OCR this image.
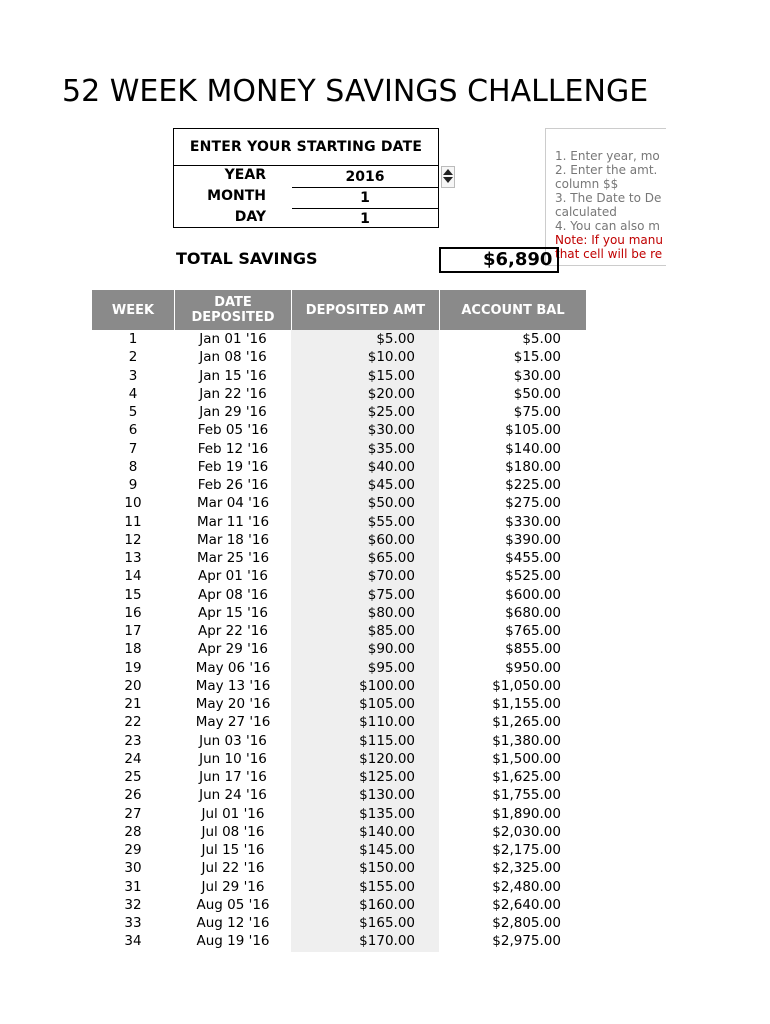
52 WEEK MONEY SAVINGS CHALLENGE
ENTER YOUR STARTING DATE
YEAR	2016
MONTH	1
DAY	1
1. Enter year, mo
2. Enter the amt.
column $$
3. The Date to De
calculated
4. You can also m
Note: If you manu
that cell will be re
TOTAL SAVINGS	$6,890
WEEK	DATE DEPOSITED	DEPOSITED AMT	ACCOUNT BAL
1	Jan 01 '16	$5.00	$5.00
2	Jan 08 '16	$10.00	$15.00
3	Jan 15 '16	$15.00	$30.00
4	Jan 22 '16	$20.00	$50.00
5	Jan 29 '16	$25.00	$75.00
6	Feb 05 '16	$30.00	$105.00
7	Feb 12 '16	$35.00	$140.00
8	Feb 19 '16	$40.00	$180.00
9	Feb 26 '16	$45.00	$225.00
10	Mar 04 '16	$50.00	$275.00
11	Mar 11 '16	$55.00	$330.00
12	Mar 18 '16	$60.00	$390.00
13	Mar 25 '16	$65.00	$455.00
14	Apr 01 '16	$70.00	$525.00
15	Apr 08 '16	$75.00	$600.00
16	Apr 15 '16	$80.00	$680.00
17	Apr 22 '16	$85.00	$765.00
18	Apr 29 '16	$90.00	$855.00
19	May 06 '16	$95.00	$950.00
20	May 13 '16	$100.00	$1,050.00
21	May 20 '16	$105.00	$1,155.00
22	May 27 '16	$110.00	$1,265.00
23	Jun 03 '16	$115.00	$1,380.00
24	Jun 10 '16	$120.00	$1,500.00
25	Jun 17 '16	$125.00	$1,625.00
26	Jun 24 '16	$130.00	$1,755.00
27	Jul 01 '16	$135.00	$1,890.00
28	Jul 08 '16	$140.00	$2,030.00
29	Jul 15 '16	$145.00	$2,175.00
30	Jul 22 '16	$150.00	$2,325.00
31	Jul 29 '16	$155.00	$2,480.00
32	Aug 05 '16	$160.00	$2,640.00
33	Aug 12 '16	$165.00	$2,805.00
34	Aug 19 '16	$170.00	$2,975.00
